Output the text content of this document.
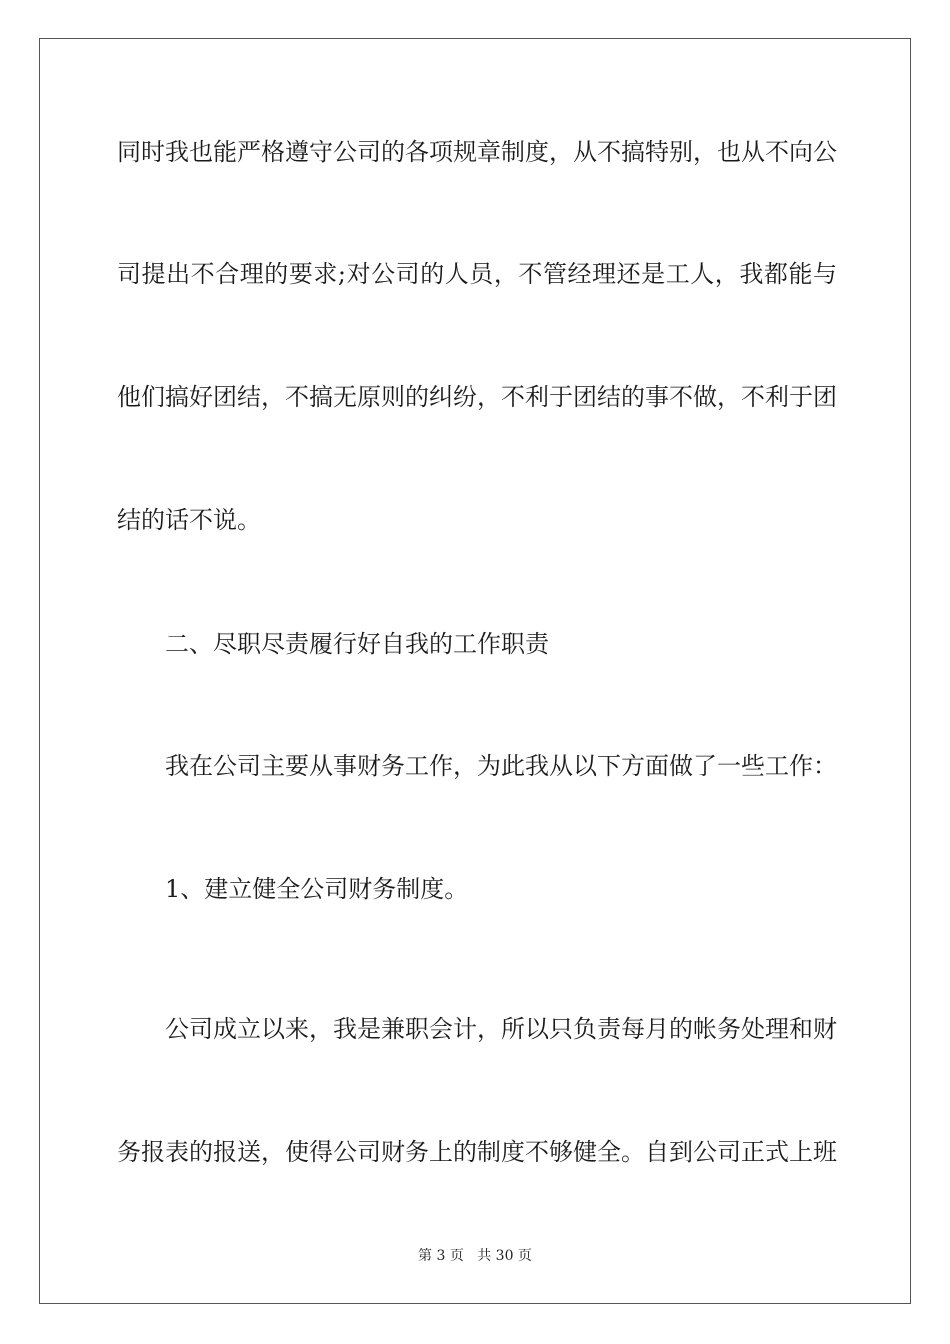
同时我也能严格遵守公司的各项规章制度，从不搞特别，也从不向公
司提出不合理的要求;对公司的人员，不管经理还是工人，我都能与
他们搞好团结，不搞无原则的纠纷，不利于团结的事不做，不利于团
结的话不说。
二、尽职尽责履行好自我的工作职责
我在公司主要从事财务工作，为此我从以下方面做了一些工作：
1、建立健全公司财务制度。
公司成立以来，我是兼职会计，所以只负责每月的帐务处理和财
务报表的报送，使得公司财务上的制度不够健全。自到公司正式上班
第 3 页 共 30 页
